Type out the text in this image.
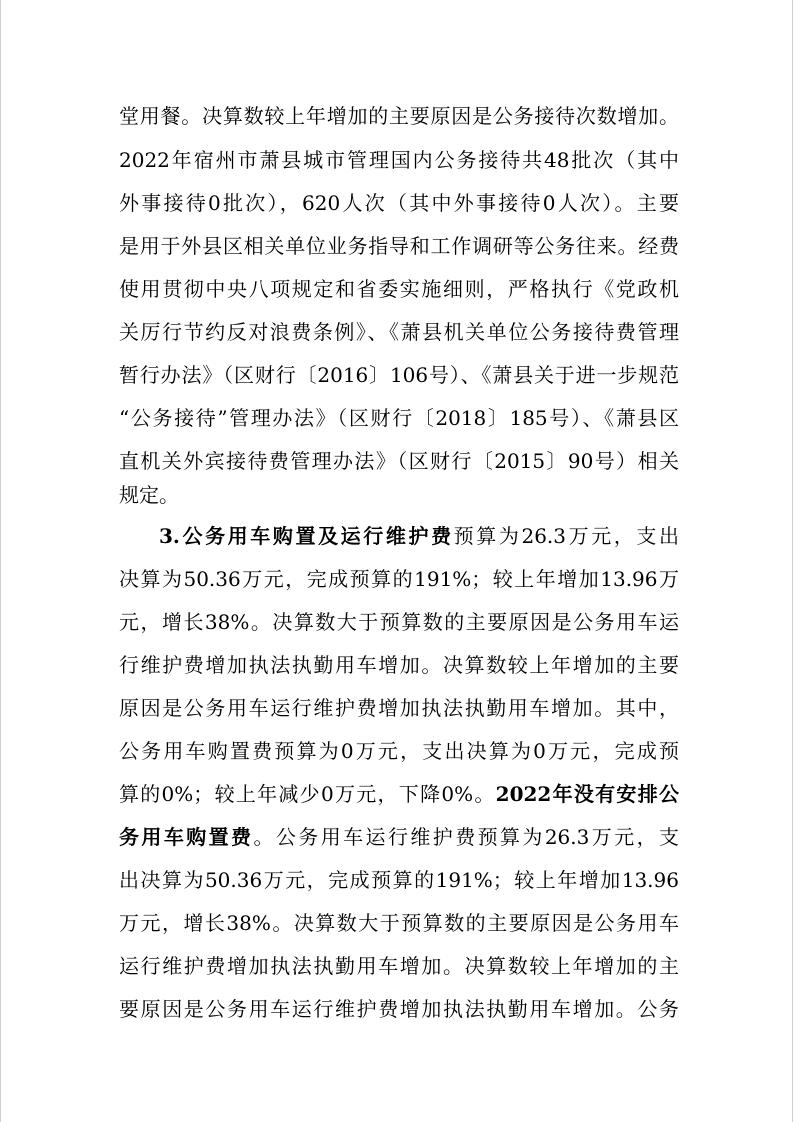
堂用餐。决算数较上年增加的主要原因是公务接待次数增加。
2022年宿州市萧县城市管理国内公务接待共48批次（其中
外事接待0批次），620人次（其中外事接待0人次）。主要
是用于外县区相关单位业务指导和工作调研等公务往来。经费
使用贯彻中央八项规定和省委实施细则，严格执行《党政机
关厉行节约反对浪费条例》、《萧县机关单位公务接待费管理
暂行办法》（区财行〔2016〕106号）、《萧县关于进一步规范
“公务接待”管理办法》（区财行〔2018〕185号）、《萧县区
直机关外宾接待费管理办法》（区财行〔2015〕90号）相关
规定。
3.公务用车购置及运行维护费预算为26.3万元，支出
决算为50.36万元，完成预算的191%；较上年增加13.96万
元，增长38%。决算数大于预算数的主要原因是公务用车运
行维护费增加执法执勤用车增加。决算数较上年增加的主要
原因是公务用车运行维护费增加执法执勤用车增加。其中，
公务用车购置费预算为0万元，支出决算为0万元，完成预
算的0%；较上年减少0万元，下降0%。2022年没有安排公
务用车购置费。公务用车运行维护费预算为26.3万元，支
出决算为50.36万元，完成预算的191%；较上年增加13.96
万元，增长38%。决算数大于预算数的主要原因是公务用车
运行维护费增加执法执勤用车增加。决算数较上年增加的主
要原因是公务用车运行维护费增加执法执勤用车增加。公务
